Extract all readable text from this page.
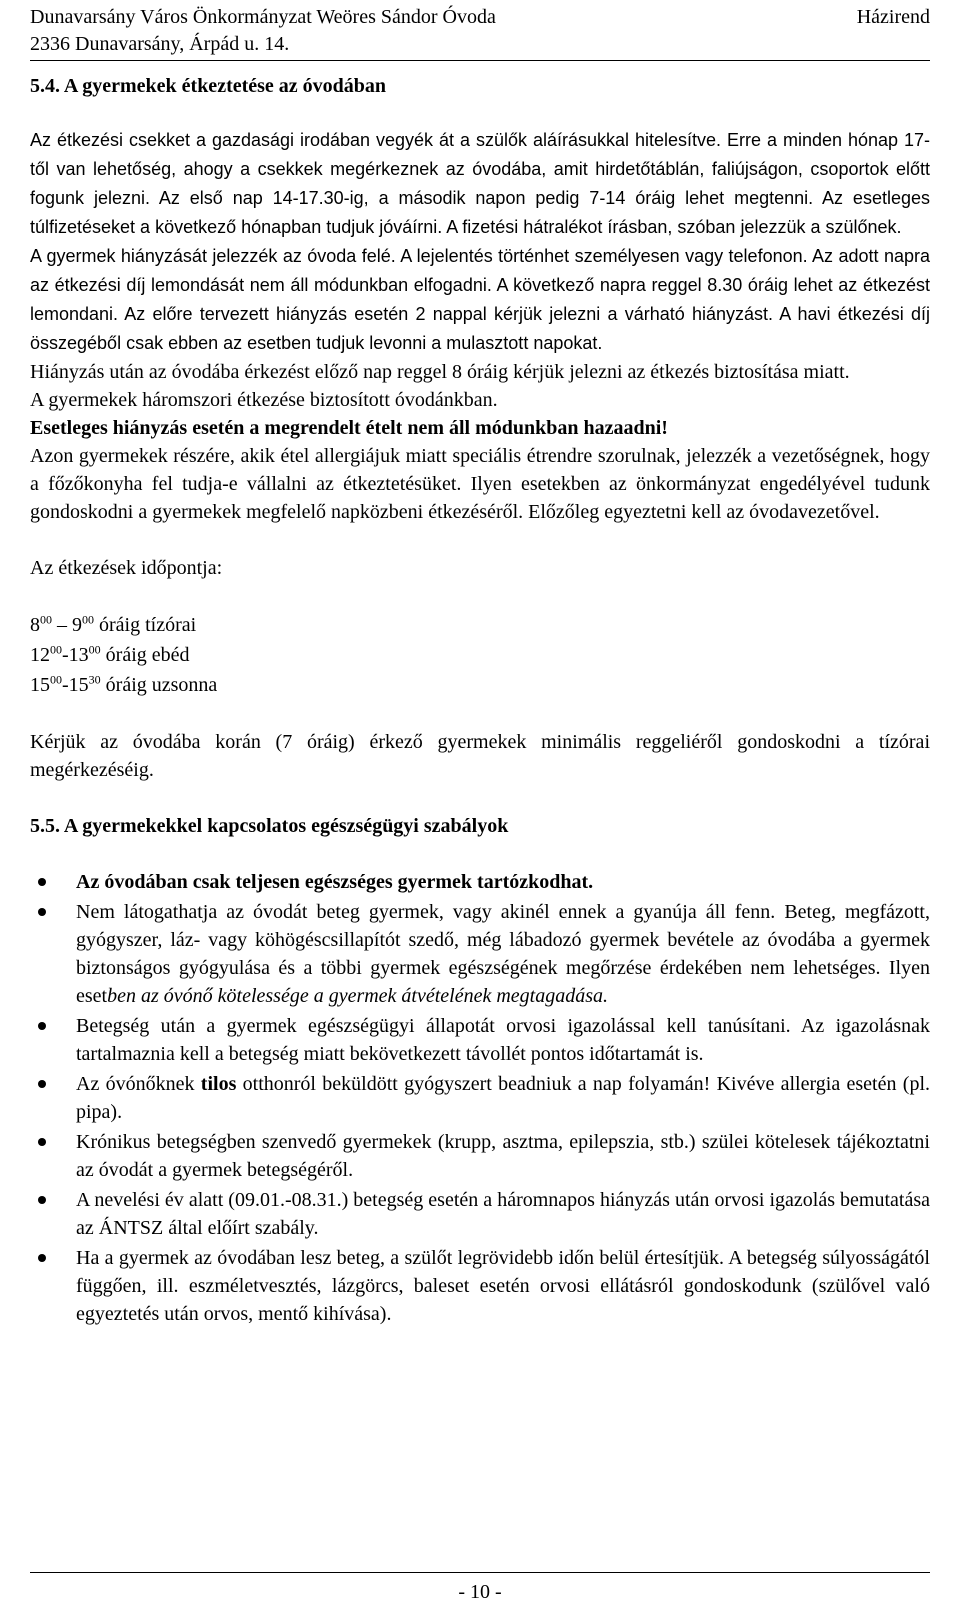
Dunavarsány Város Önkormányzat Weöres Sándor Óvoda	Házirend
2336 Dunavarsány, Árpád u. 14.
5.4. A gyermekek étkeztetése az óvodában

Az étkezési csekket a gazdasági irodában vegyék át a szülők aláírásukkal hitelesítve. Erre a minden hónap 17-től van lehetőség, ahogy a csekkek megérkeznek az óvodába, amit hirdetőtáblán, faliújságon, csoportok előtt fogunk jelezni. Az első nap 14-17.30-ig, a második napon pedig 7-14 óráig lehet megtenni. Az esetleges túlfizetéseket a következő hónapban tudjuk jóváírni. A fizetési hátralékot írásban, szóban jelezzük a szülőnek.

A gyermek hiányzását jelezzék az óvoda felé. A lejelentés történhet személyesen vagy telefonon. Az adott napra az étkezési díj lemondását nem áll módunkban elfogadni. A következő napra reggel 8.30 óráig lehet az étkezést lemondani. Az előre tervezett hiányzás esetén 2 nappal kérjük jelezni a várható hiányzást. A havi étkezési díj összegéből csak ebben az esetben tudjuk levonni a mulasztott napokat.

Hiányzás után az óvodába érkezést előző nap reggel 8 óráig kérjük jelezni az étkezés biztosítása miatt.

A gyermekek háromszori étkezése biztosított óvodánkban.

Esetleges hiányzás esetén a megrendelt ételt nem áll módunkban hazaadni!

Azon gyermekek részére, akik étel allergiájuk miatt speciális étrendre szorulnak, jelezzék a vezetőségnek, hogy a főzőkonyha fel tudja-e vállalni az étkeztetésüket. Ilyen esetekben az önkormányzat engedélyével tudunk gondoskodni a gyermekek megfelelő napközbeni étkezéséről. Előzőleg egyeztetni kell az óvodavezetővel.

Az étkezések időpontja:

$8^{00} - 9^{00}$ óráig tízórai
$12^{00}-13^{00}$ óráig ebéd
$15^{00}-15^{30}$ óráig uzsonna

Kérjük az óvodába korán (7 óráig) érkező gyermekek minimális reggeliéről gondoskodni a tízórai megérkezéséig.

5.5. A gyermekekkel kapcsolatos egészségügyi szabályok
Az óvodában csak teljesen egészséges gyermek tartózkodhat.
Nem látogathatja az óvodát beteg gyermek, vagy akinél ennek a gyanúja áll fenn. Beteg, megfázott, gyógyszer, láz- vagy köhögéscsillapítót szedő, még lábadozó gyermek bevétele az óvodába a gyermek biztonságos gyógyulása és a többi gyermek egészségének megőrzése érdekében nem lehetséges. Ilyen esetben az óvónő kötelessége a gyermek átvételének megtagadása.
Betegség után a gyermek egészségügyi állapotát orvosi igazolással kell tanúsítani. Az igazolásnak tartalmaznia kell a betegség miatt bekövetkezett távollét pontos időtartamát is.
Az óvónőknek tilos otthonról beküldött gyógyszert beadniuk a nap folyamán! Kivéve allergia esetén (pl. pipa).
Krónikus betegségben szenvedő gyermekek (krupp, asztma, epilepszia, stb.) szülei kötelesek tájékoztatni az óvodát a gyermek betegségéről.
A nevelési év alatt (09.01.-08.31.) betegség esetén a háromnapos hiányzás után orvosi igazolás bemutatása az ÁNTSZ által előírt szabály.
Ha a gyermek az óvodában lesz beteg, a szülőt legrövidebb időn belül értesítjük. A betegség súlyosságától függően, ill. eszméletvesztés, lázgörcs, baleset esetén orvosi ellátásról gondoskodunk (szülővel való egyeztetés után orvos, mentő kihívása).
- 10 -
